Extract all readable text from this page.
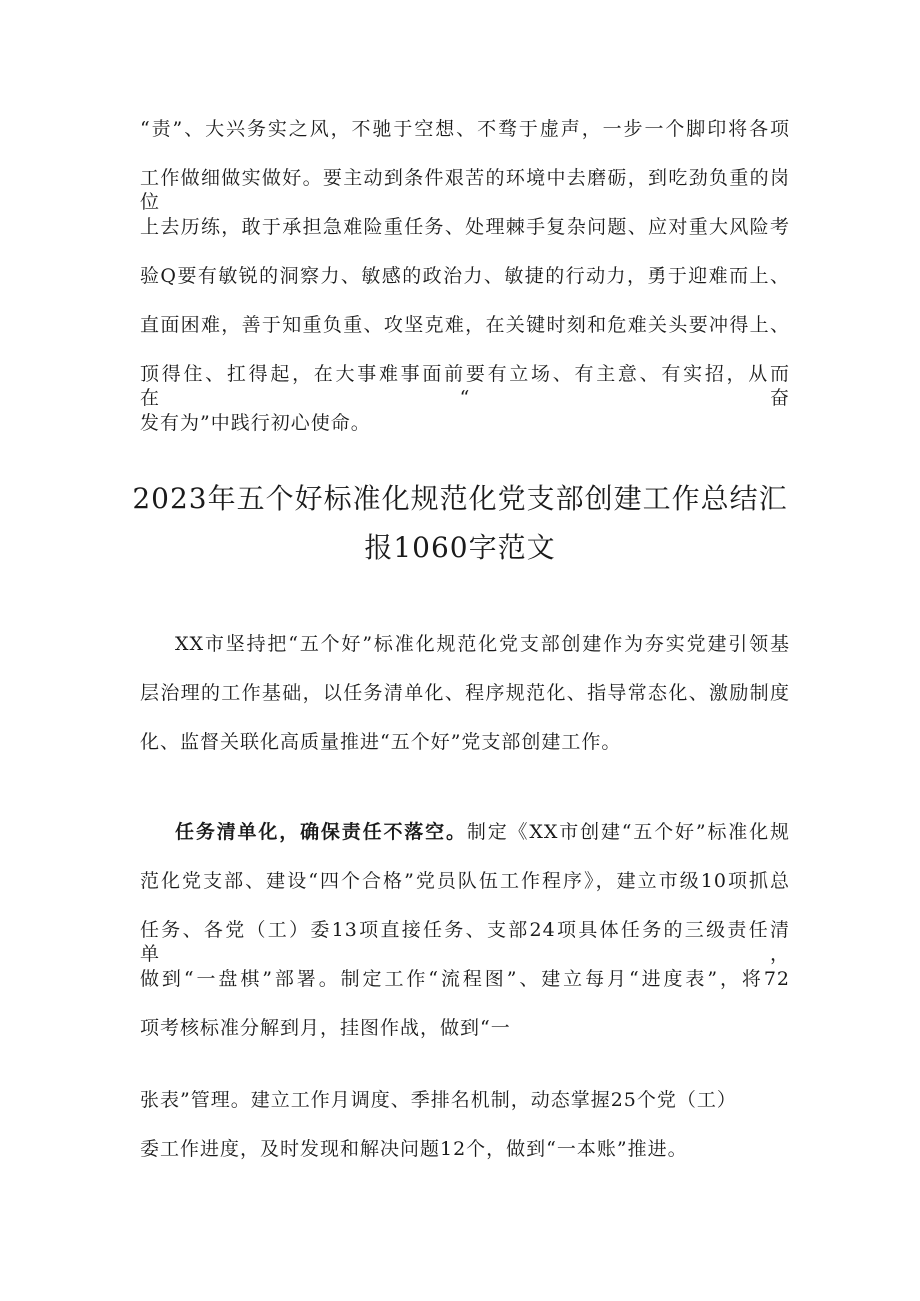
“责”、大兴务实之风，不驰于空想、不骛于虚声，一步一个脚印将各项
工作做细做实做好。要主动到条件艰苦的环境中去磨砺，到吃劲负重的岗位
上去历练，敢于承担急难险重任务、处理棘手复杂问题、应对重大风险考
验Q要有敏锐的洞察力、敏感的政治力、敏捷的行动力，勇于迎难而上、
直面困难，善于知重负重、攻坚克难，在关键时刻和危难关头要冲得上、
顶得住、扛得起，在大事难事面前要有立场、有主意、有实招，从而在“奋
发有为”中践行初心使命。
2023年五个好标准化规范化党支部创建工作总结汇
报1060字范文
XX市坚持把“五个好”标准化规范化党支部创建作为夯实党建引领基
层治理的工作基础，以任务清单化、程序规范化、指导常态化、激励制度
化、监督关联化高质量推进“五个好”党支部创建工作。
任务清单化，确保责任不落空。制定《XX市创建“五个好”标准化规
范化党支部、建设“四个合格”党员队伍工作程序》，建立市级10项抓总
任务、各党（工）委13项直接任务、支部24项具体任务的三级责任清单，
做到“一盘棋”部署。制定工作“流程图”、建立每月“进度表”，将72
项考核标准分解到月，挂图作战，做到“一
张表”管理。建立工作月调度、季排名机制，动态掌握25个党（工）
委工作进度，及时发现和解决问题12个，做到“一本账”推进。
